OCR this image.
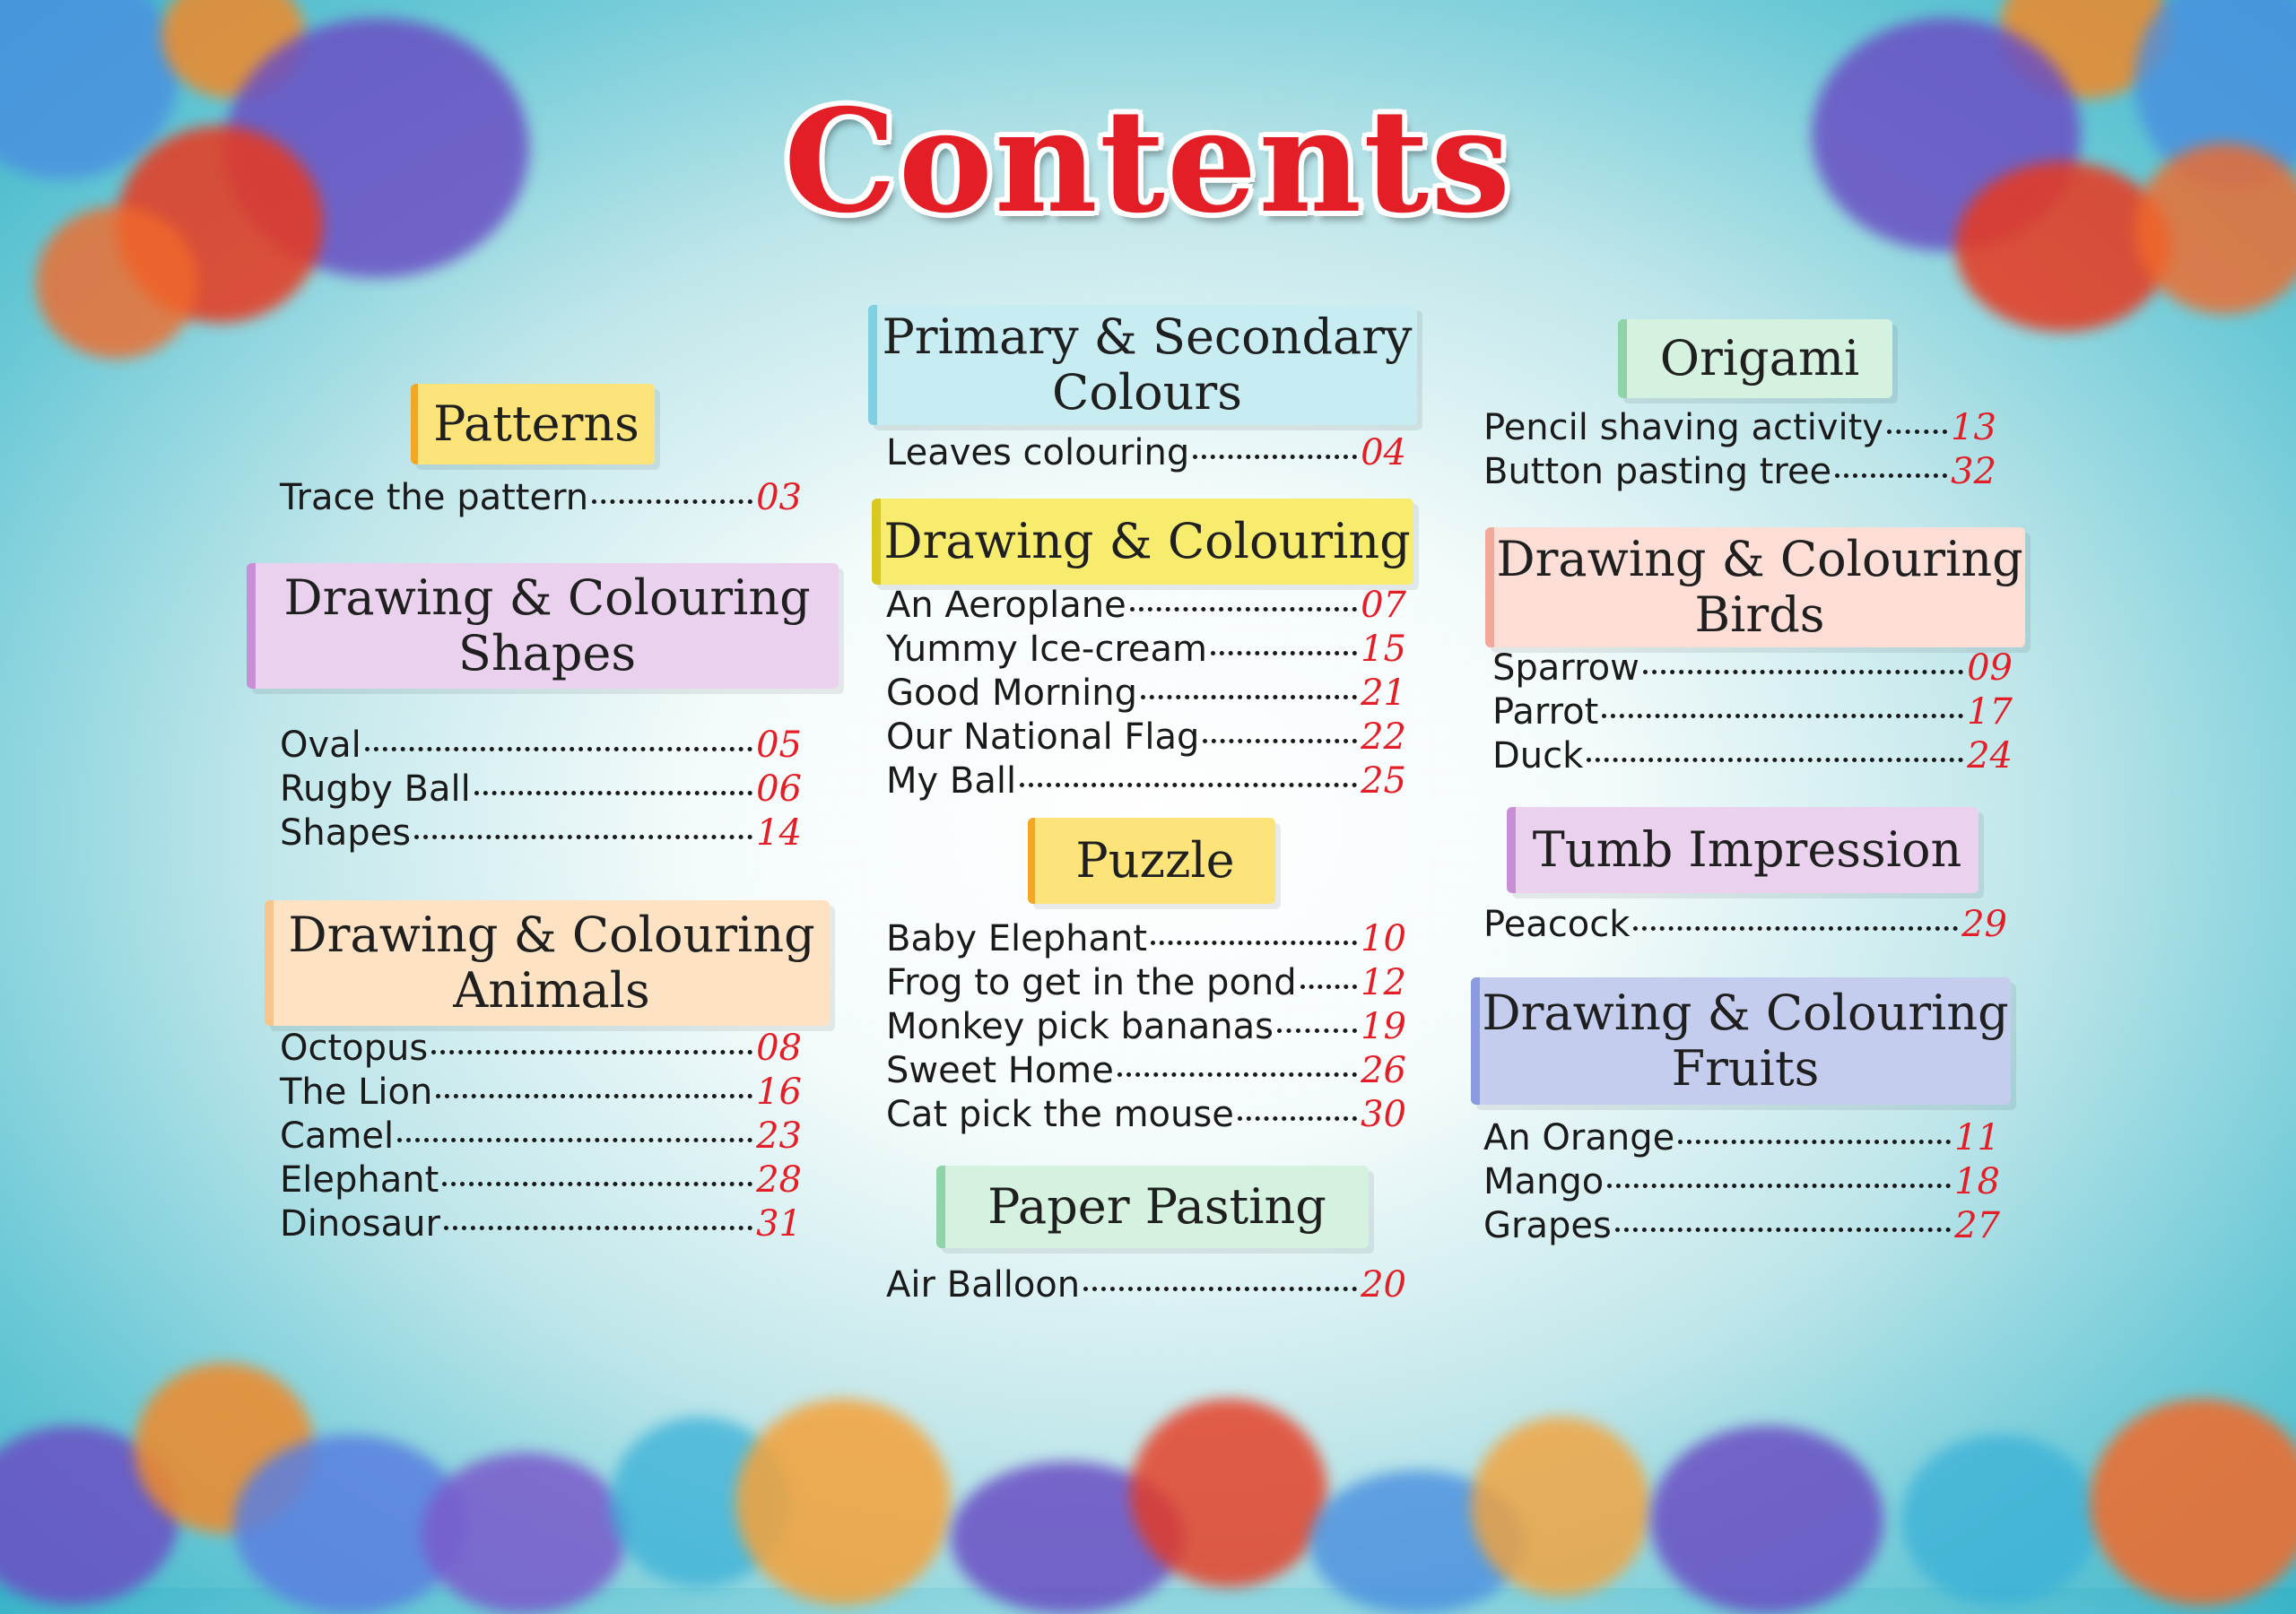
Contents
Patterns
Trace the pattern	03
Drawing & Colouring
Shapes
Oval	05
Rugby Ball	06
Shapes	14
Drawing & Colouring
Animals
Octopus	08
The Lion	16
Camel	23
Elephant	28
Dinosaur	31
Primary & Secondary
Colours
Leaves colouring	04
Drawing & Colouring
An Aeroplane	07
Yummy Ice-cream	15
Good Morning	21
Our National Flag	22
My Ball	25
Puzzle
Baby Elephant	10
Frog to get in the pond 12
Monkey pick bananas 19
Sweet Home	26
Cat pick the mouse	30
Paper Pasting
Air Balloon	20
Origami
Pencil shaving activity 13
Button pasting tree	32
Drawing & Colouring
Birds
Sparrow	09
Parrot	17
Duck	24
Tumb Impression
Peacock	29
Drawing & Colouring
Fruits
An Orange	11
Mango	18
Grapes	27
